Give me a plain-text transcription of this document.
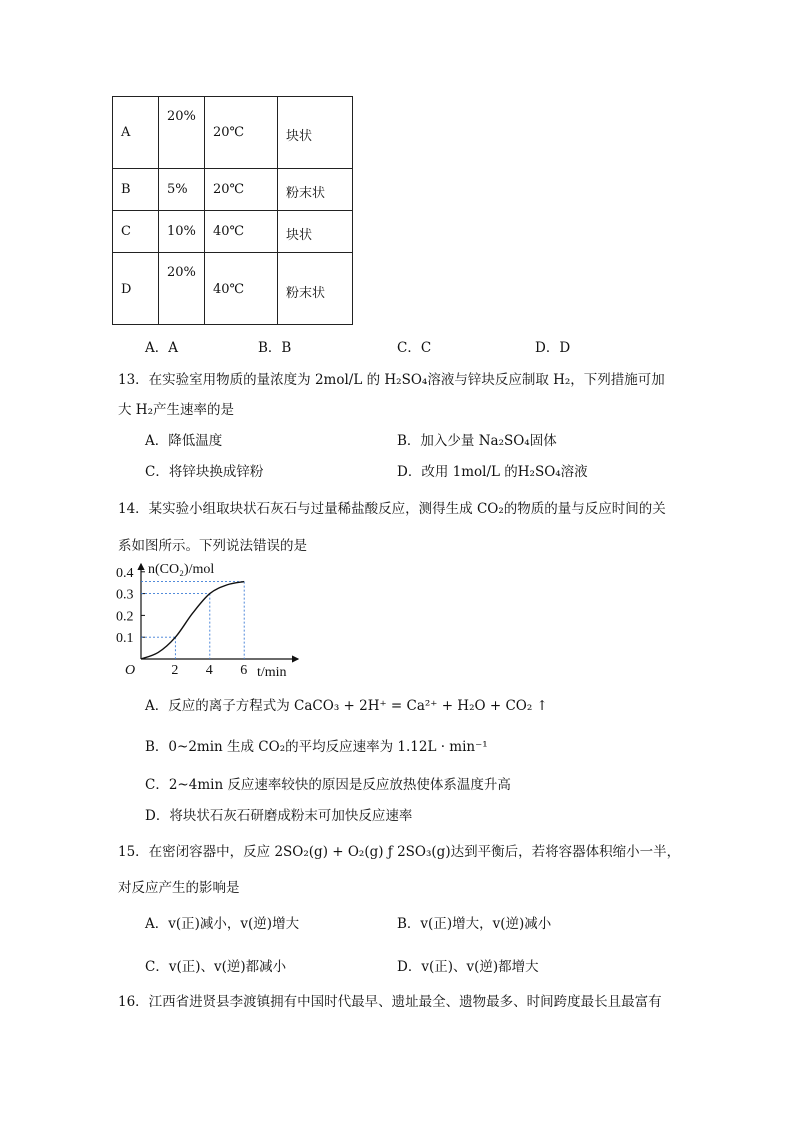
A	20%	20℃	块状

B	5%	20℃	粉末状

C	10%	40℃	块状

D	20%	40℃	粉末状
A．A	B．B	C．C	D．D
13．在实验室用物质的量浓度为 2mol/L 的 H₂SO₄溶液与锌块反应制取 H₂，下列措施可加
大 H₂产生速率的是
A．降低温度	B．加入少量 Na₂SO₄固体
C．将锌块换成锌粉	D．改用 1mol/L 的H₂SO₄溶液
14．某实验小组取块状石灰石与过量稀盐酸反应，测得生成 CO₂的物质的量与反应时间的关
系如图所示。下列说法错误的是
O
n(CO₂)/mol
t/min
0.1
0.2
0.3
0.4
2 4 6
A．反应的离子方程式为 CaCO₃ + 2H⁺ = Ca²⁺ + H₂O + CO₂ ↑
B．0~2min 生成 CO₂的平均反应速率为 1.12L · min⁻¹
C．2~4min 反应速率较快的原因是反应放热使体系温度升高
D．将块状石灰石研磨成粉末可加快反应速率
15．在密闭容器中，反应 2SO₂(g) + O₂(g) ƒ 2SO₃(g)达到平衡后，若将容器体积缩小一半，
对反应产生的影响是
A．v(正)减小，v(逆)增大	B．v(正)增大，v(逆)减小
C．v(正)、v(逆)都减小	D．v(正)、v(逆)都增大
16．江西省进贤县李渡镇拥有中国时代最早、遗址最全、遗物最多、时间跨度最长且最富有
